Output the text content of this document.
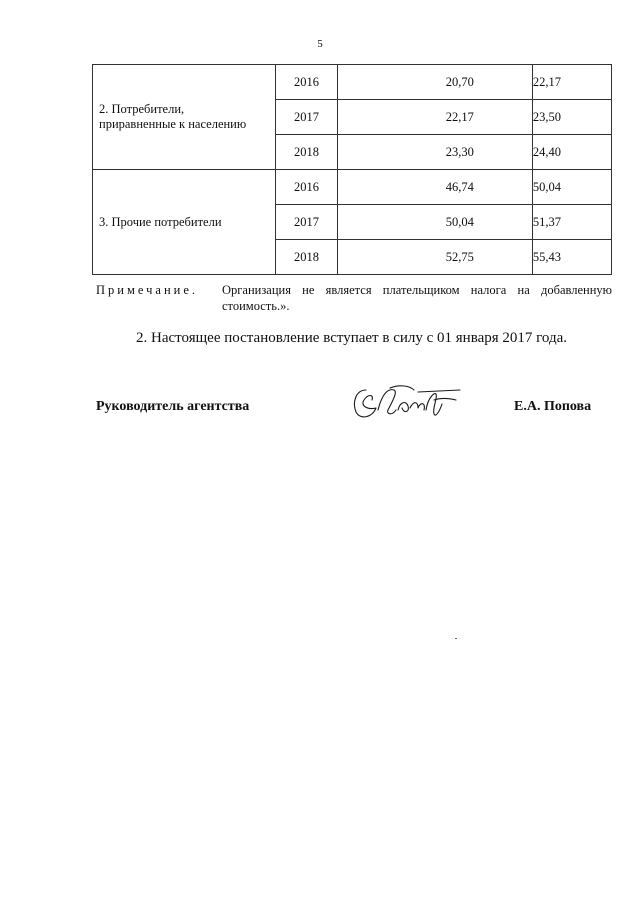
5
2. Потребители,
приравненные к населению	2016	20,70	22,17
	2017	22,17	23,50
	2018	23,30	24,40

3. Прочие потребители	2016	46,74	50,04
	2017	50,04	51,37
	2018	52,75	55,43
Примечание. Организация не является плательщиком налога на добавленную
стоимость.».
2. Настоящее постановление вступает в силу с 01 января 2017 года.
Руководитель агентства	Е.А. Попова
